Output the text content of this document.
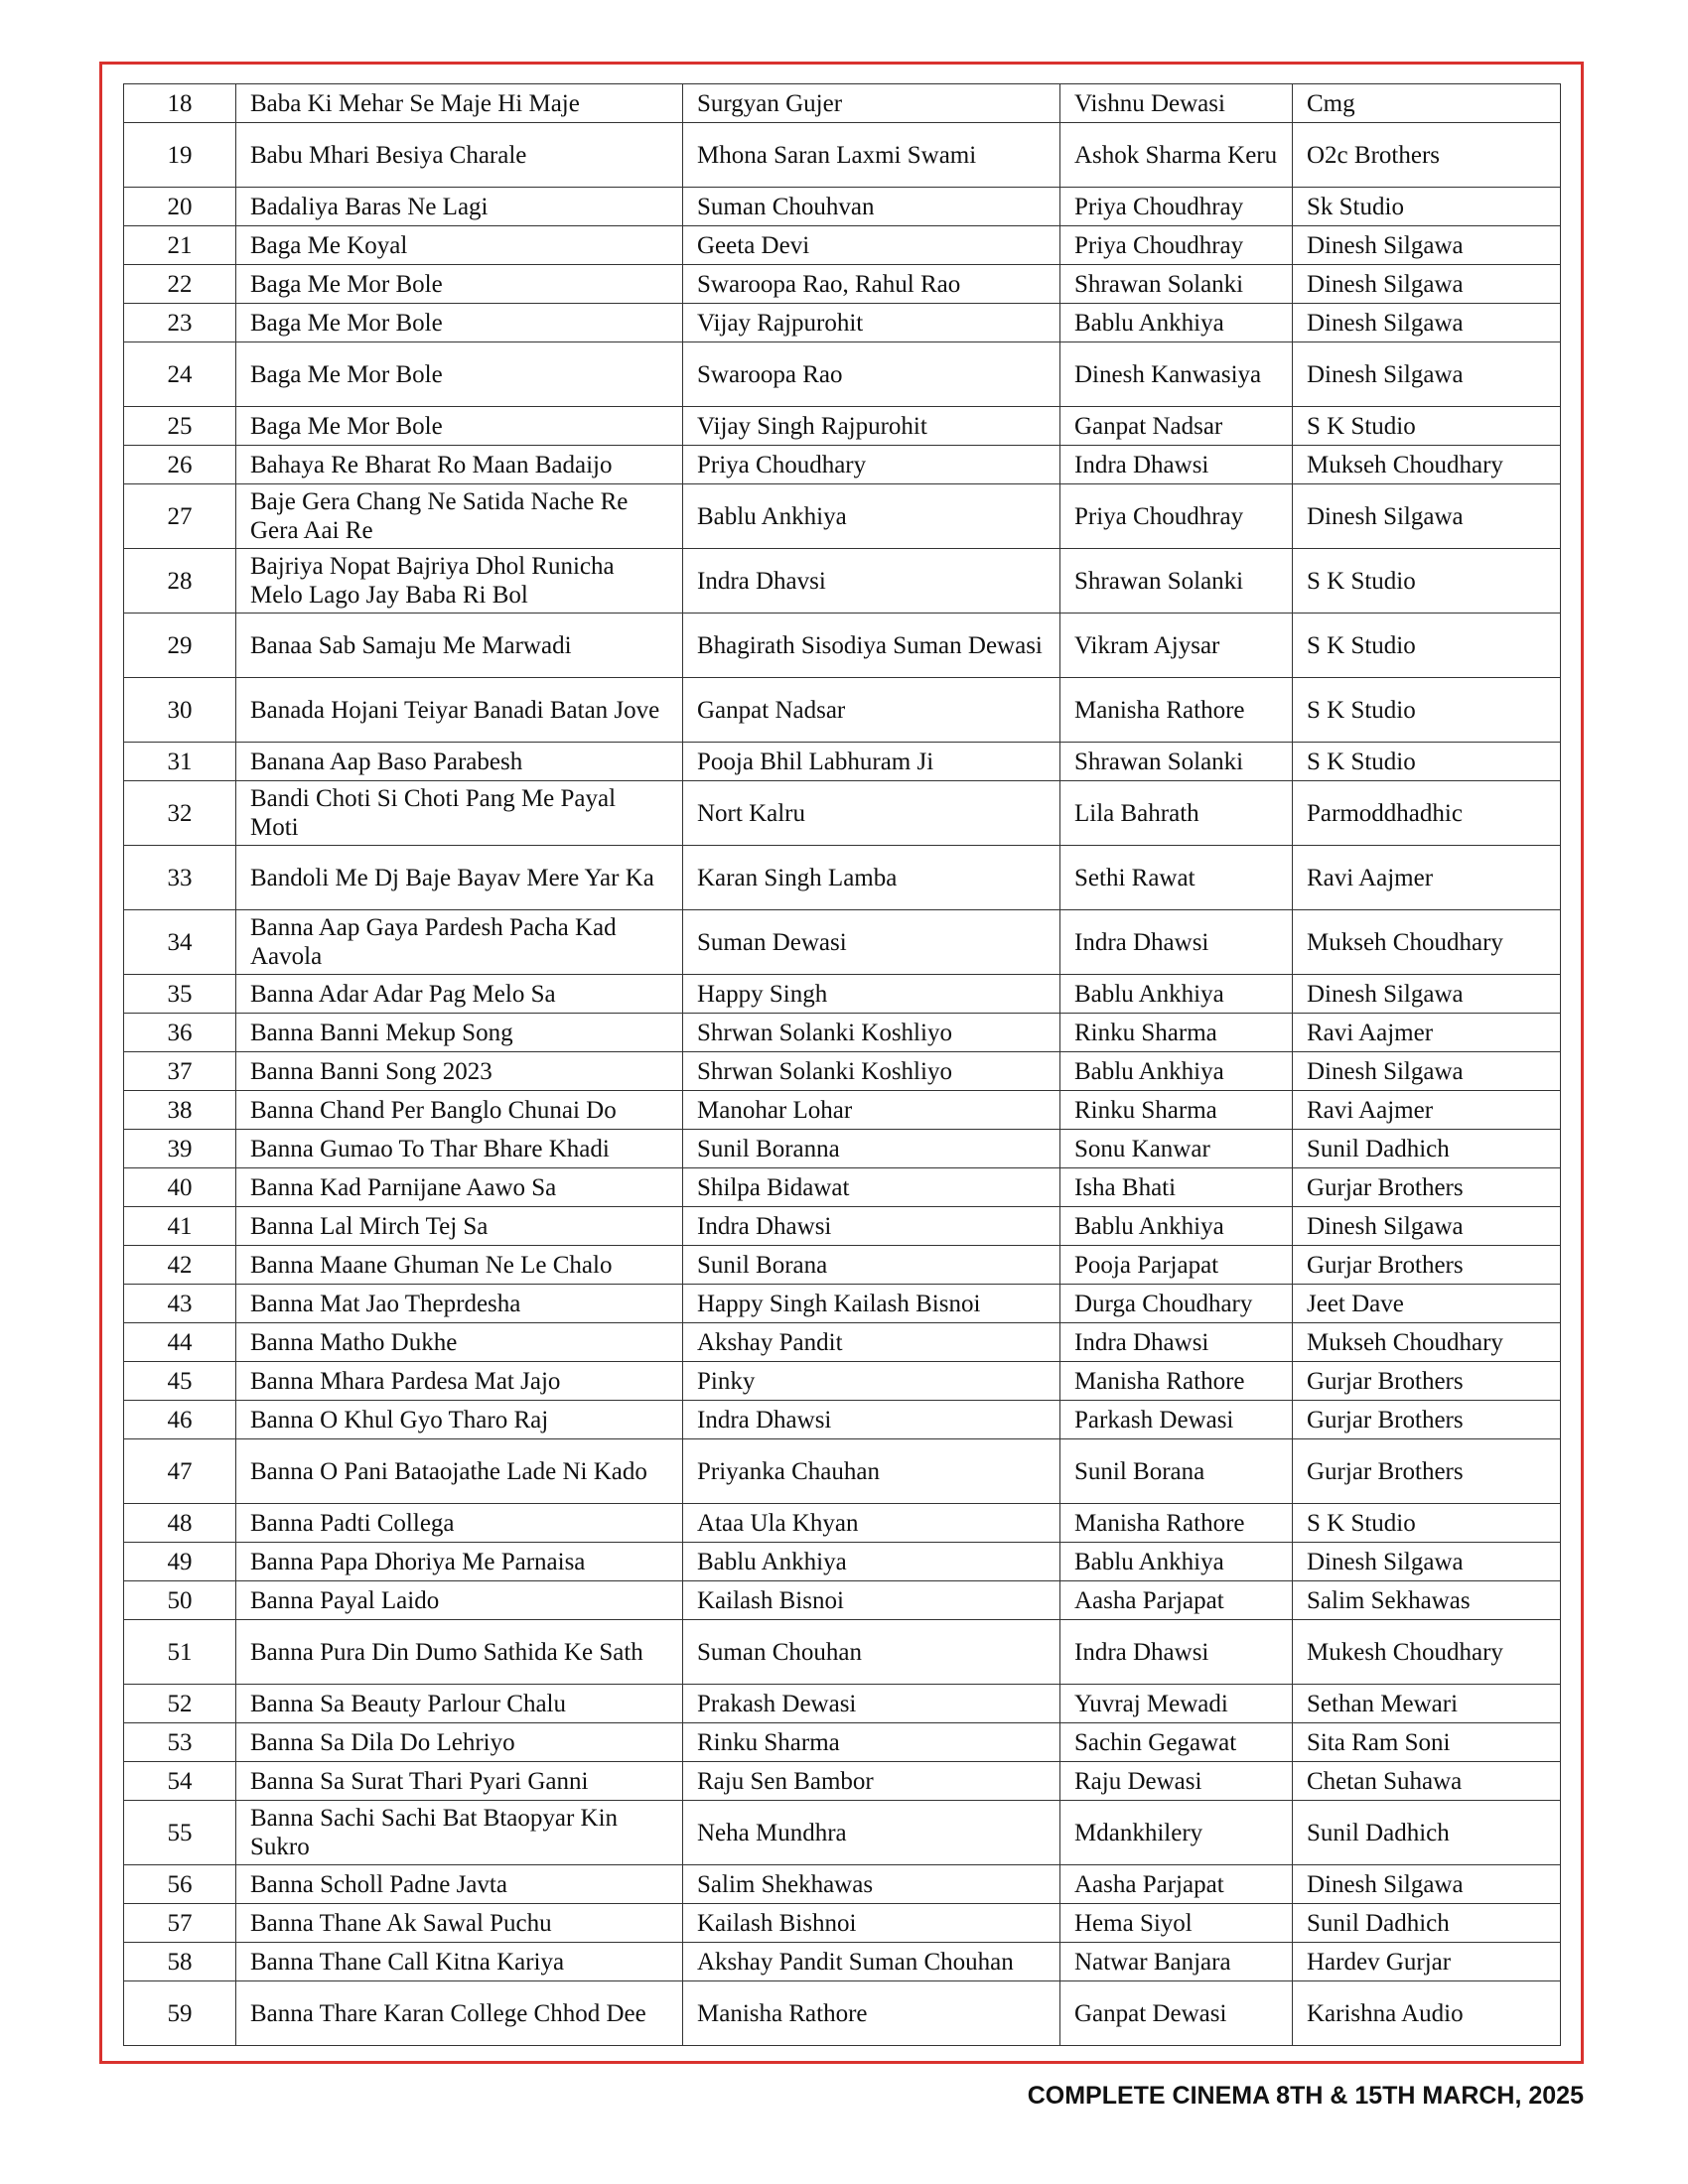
18	Baba Ki Mehar Se Maje Hi Maje	Surgyan Gujer	Vishnu Dewasi	Cmg
19	Babu Mhari Besiya Charale	Mhona Saran Laxmi Swami	Ashok Sharma Keru	O2c Brothers
20	Badaliya Baras Ne Lagi	Suman Chouhvan	Priya Choudhray	Sk Studio
21	Baga Me Koyal	Geeta Devi	Priya Choudhray	Dinesh Silgawa
22	Baga Me Mor Bole	Swaroopa Rao, Rahul Rao	Shrawan Solanki	Dinesh Silgawa
23	Baga Me Mor Bole	Vijay Rajpurohit	Bablu Ankhiya	Dinesh Silgawa
24	Baga Me Mor Bole	Swaroopa Rao	Dinesh Kanwasiya	Dinesh Silgawa
25	Baga Me Mor Bole	Vijay Singh Rajpurohit	Ganpat Nadsar	S K Studio
26	Bahaya Re Bharat Ro Maan Badaijo	Priya Choudhary	Indra Dhawsi	Mukseh Choudhary
27	Baje Gera Chang Ne Satida Nache Re Gera Aai Re	Bablu Ankhiya	Priya Choudhray	Dinesh Silgawa
28	Bajriya Nopat Bajriya Dhol Runicha Melo Lago Jay Baba Ri Bol	Indra Dhavsi	Shrawan Solanki	S K Studio
29	Banaa Sab Samaju Me Marwadi	Bhagirath Sisodiya Suman Dewasi	Vikram Ajysar	S K Studio
30	Banada Hojani Teiyar Banadi Batan Jove	Ganpat Nadsar	Manisha Rathore	S K Studio
31	Banana Aap Baso Parabesh	Pooja Bhil Labhuram Ji	Shrawan Solanki	S K Studio
32	Bandi Choti Si Choti Pang Me Payal Moti	Nort Kalru	Lila Bahrath	Parmoddhadhic
33	Bandoli Me Dj Baje Bayav Mere Yar Ka	Karan Singh Lamba	Sethi Rawat	Ravi Aajmer
34	Banna Aap Gaya Pardesh Pacha Kad Aavola	Suman Dewasi	Indra Dhawsi	Mukseh Choudhary
35	Banna Adar Adar Pag Melo Sa	Happy Singh	Bablu Ankhiya	Dinesh Silgawa
36	Banna Banni Mekup Song	Shrwan Solanki Koshliyo	Rinku Sharma	Ravi Aajmer
37	Banna Banni Song 2023	Shrwan Solanki Koshliyo	Bablu Ankhiya	Dinesh Silgawa
38	Banna Chand Per Banglo Chunai Do	Manohar Lohar	Rinku Sharma	Ravi Aajmer
39	Banna Gumao To Thar Bhare Khadi	Sunil Boranna	Sonu Kanwar	Sunil Dadhich
40	Banna Kad Parnijane Aawo Sa	Shilpa Bidawat	Isha Bhati	Gurjar Brothers
41	Banna Lal Mirch Tej Sa	Indra Dhawsi	Bablu Ankhiya	Dinesh Silgawa
42	Banna Maane Ghuman Ne Le Chalo	Sunil Borana	Pooja Parjapat	Gurjar Brothers
43	Banna Mat Jao Theprdesha	Happy Singh Kailash Bisnoi	Durga Choudhary	Jeet Dave
44	Banna Matho Dukhe	Akshay Pandit	Indra Dhawsi	Mukseh Choudhary
45	Banna Mhara Pardesa Mat Jajo	Pinky	Manisha Rathore	Gurjar Brothers
46	Banna O Khul Gyo Tharo Raj	Indra Dhawsi	Parkash Dewasi	Gurjar Brothers
47	Banna O Pani Bataojathe Lade Ni Kado	Priyanka Chauhan	Sunil Borana	Gurjar Brothers
48	Banna Padti Collega	Ataa Ula Khyan	Manisha Rathore	S K Studio
49	Banna Papa Dhoriya Me Parnaisa	Bablu Ankhiya	Bablu Ankhiya	Dinesh Silgawa
50	Banna Payal Laido	Kailash Bisnoi	Aasha Parjapat	Salim Sekhawas
51	Banna Pura Din Dumo Sathida Ke Sath	Suman Chouhan	Indra Dhawsi	Mukesh Choudhary
52	Banna Sa Beauty Parlour Chalu	Prakash Dewasi	Yuvraj Mewadi	Sethan Mewari
53	Banna Sa Dila Do Lehriyo	Rinku Sharma	Sachin Gegawat	Sita Ram Soni
54	Banna Sa Surat Thari Pyari Ganni	Raju Sen Bambor	Raju Dewasi	Chetan Suhawa
55	Banna Sachi Sachi Bat Btaopyar Kin Sukro	Neha Mundhra	Mdankhilery	Sunil Dadhich
56	Banna Scholl Padne Javta	Salim Shekhawas	Aasha Parjapat	Dinesh Silgawa
57	Banna Thane Ak Sawal Puchu	Kailash Bishnoi	Hema Siyol	Sunil Dadhich
58	Banna Thane Call Kitna Kariya	Akshay Pandit Suman Chouhan	Natwar Banjara	Hardev Gurjar
59	Banna Thare Karan College Chhod Dee	Manisha Rathore	Ganpat Dewasi	Karishna Audio
COMPLETE CINEMA 8TH & 15TH MARCH, 2025
